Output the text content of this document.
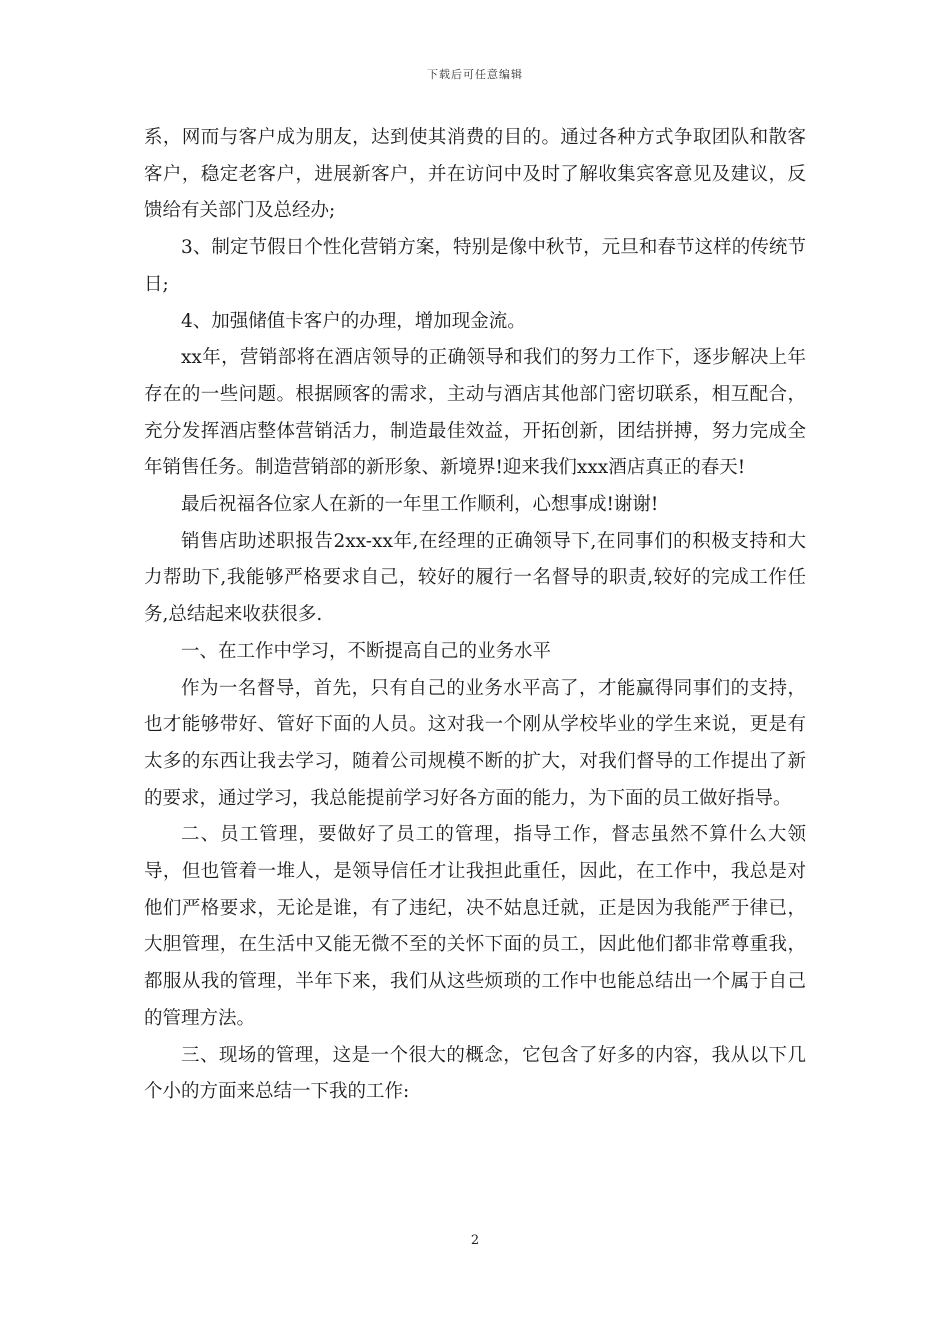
下载后可任意编辑

系，网而与客户成为朋友，达到使其消费的目的。通过各种方式争取团队和散客客户，稳定老客户，进展新客户，并在访问中及时了解收集宾客意见及建议，反馈给有关部门及总经办;

3、制定节假日个性化营销方案，特别是像中秋节，元旦和春节这样的传统节日;

4、加强储值卡客户的办理，增加现金流。

xx年，营销部将在酒店领导的正确领导和我们的努力工作下，逐步解决上年存在的一些问题。根据顾客的需求，主动与酒店其他部门密切联系，相互配合，充分发挥酒店整体营销活力，制造最佳效益，开拓创新，团结拼搏，努力完成全年销售任务。制造营销部的新形象、新境界!迎来我们xxx酒店真正的春天!

最后祝福各位家人在新的一年里工作顺利，心想事成!谢谢!

销售店助述职报告2xx-xx年,在经理的正确领导下,在同事们的积极支持和大力帮助下,我能够严格要求自己，较好的履行一名督导的职责,较好的完成工作任务,总结起来收获很多.

一、在工作中学习，不断提高自己的业务水平

作为一名督导，首先，只有自己的业务水平高了，才能赢得同事们的支持，也才能够带好、管好下面的人员。这对我一个刚从学校毕业的学生来说，更是有太多的东西让我去学习，随着公司规模不断的扩大，对我们督导的工作提出了新的要求，通过学习，我总能提前学习好各方面的能力，为下面的员工做好指导。

二、员工管理，要做好了员工的管理，指导工作，督志虽然不算什么大领导，但也管着一堆人，是领导信任才让我担此重任，因此，在工作中，我总是对他们严格要求，无论是谁，有了违纪，决不姑息迁就，正是因为我能严于律已，大胆管理，在生活中又能无微不至的关怀下面的员工，因此他们都非常尊重我，都服从我的管理，半年下来，我们从这些烦琐的工作中也能总结出一个属于自己的管理方法。

三、现场的管理，这是一个很大的概念，它包含了好多的内容，我从以下几个小的方面来总结一下我的工作:

2
